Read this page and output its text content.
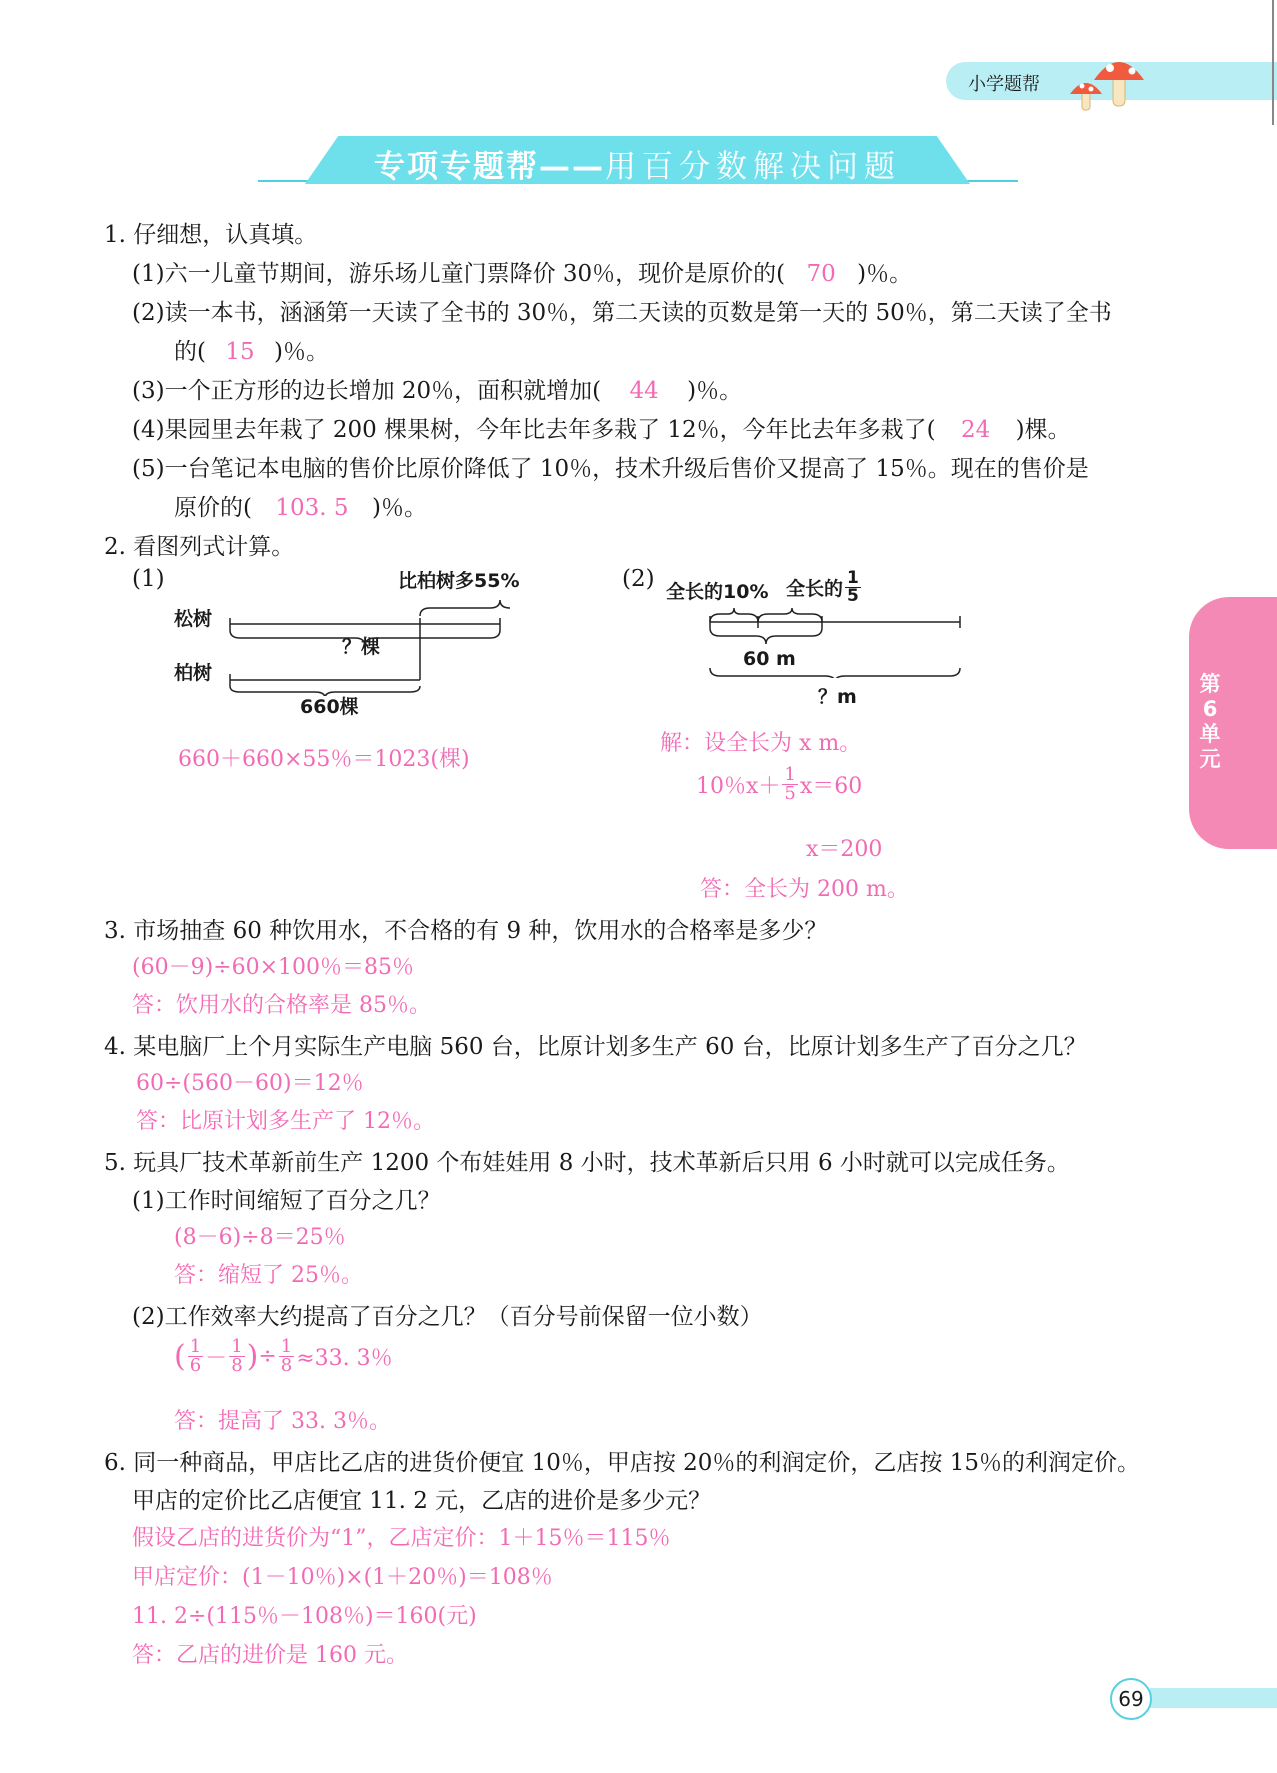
小学题帮
专项专题帮——用百分数解决问题
第
6
单
元
1. 仔细想，认真填。
(1)六一儿童节期间，游乐场儿童门票降价 30％，现价是原价的( 70 )％。
(2)读一本书，涵涵第一天读了全书的 30％，第二天读的页数是第一天的 50％，第二天读了全书
的( 15 )％。
(3)一个正方形的边长增加 20％，面积就增加( 44 )％。
(4)果园里去年栽了 200 棵果树，今年比去年多栽了 12％，今年比去年多栽了( 24 )棵。
(5)一台笔记本电脑的售价比原价降低了 10％，技术升级后售价又提高了 15％。现在的售价是
原价的( 103. 5 )％。
2. 看图列式计算。
(1)	比柏树多55%
松树
？棵
柏树
660棵
660＋660×55％＝1023(棵)
(2) 全长的10% 全长的 $\frac{1}{5}$
60 m
？m
解：设全长为 x m。
10％$x+ \frac{1}{5} x=60$
x＝200
答：全长为 200 m。
3. 市场抽查 60 种饮用水，不合格的有 9 种，饮用水的合格率是多少？
(60－9)÷60×100％＝85％
答：饮用水的合格率是 85％。
4. 某电脑厂上个月实际生产电脑 560 台，比原计划多生产 60 台，比原计划多生产了百分之几？
60÷(560－60)＝12％
答：比原计划多生产了 12％。
5. 玩具厂技术革新前生产 1200 个布娃娃用 8 小时，技术革新后只用 6 小时就可以完成任务。
(1)工作时间缩短了百分之几？
(8－6)÷8＝25％
答：缩短了 25％。
(2)工作效率大约提高了百分之几？（百分号前保留一位小数）
( $\frac{1}{6} - \frac{1}{8}$ ) ÷ $\frac{1}{8} \approx 33$. 3％
答：提高了 33. 3％。
6. 同一种商品，甲店比乙店的进货价便宜 10％，甲店按 20％的利润定价，乙店按 15％的利润定价。
甲店的定价比乙店便宜 11. 2 元，乙店的进价是多少元？
假设乙店的进货价为“1”，乙店定价：1＋15％＝115％
甲店定价：(1－10％)×(1＋20％)＝108％
11. 2÷(115％－108％)＝160(元)
答：乙店的进价是 160 元。
69
